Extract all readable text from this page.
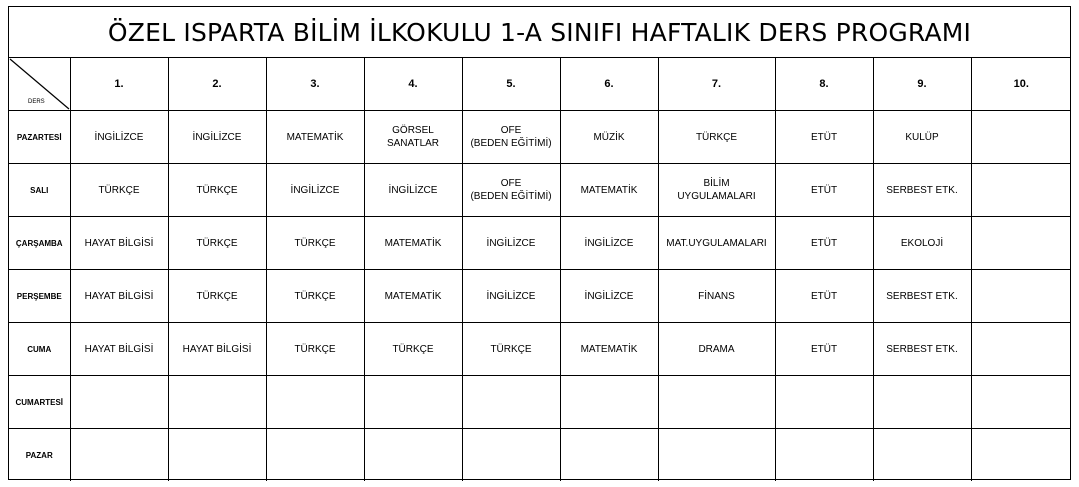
ÖZEL ISPARTA BİLİM İLKOKULU 1-A SINIFI HAFTALIK DERS PROGRAMI
DERS	1.	2.	3.	4.	5.	6.	7.	8.	9.	10.
PAZARTESİ	İNGİLİZCE	İNGİLİZCE	MATEMATİK	GÖRSEL SANATLAR	OFE
(BEDEN EĞİTİMİ)	MÜZİK	TÜRKÇE	ETÜT	KULÜP	

SALI	TÜRKÇE	TÜRKÇE	İNGİLİZCE	İNGİLİZCE	OFE
(BEDEN EĞİTİMİ)	MATEMATİK	BİLİM
UYGULAMALARI	ETÜT	SERBEST ETK.	

ÇARŞAMBA	HAYAT BİLGİSİ	TÜRKÇE	TÜRKÇE	MATEMATİK	İNGİLİZCE	İNGİLİZCE	MAT.UYGULAMALARI	ETÜT	EKOLOJİ	

PERŞEMBE	HAYAT BİLGİSİ	TÜRKÇE	TÜRKÇE	MATEMATİK	İNGİLİZCE	İNGİLİZCE	FİNANS	ETÜT	SERBEST ETK.	

CUMA	HAYAT BİLGİSİ	HAYAT BİLGİSİ	TÜRKÇE	TÜRKÇE	TÜRKÇE	MATEMATİK	DRAMA	ETÜT	SERBEST ETK.	

CUMARTESİ										
PAZAR										
